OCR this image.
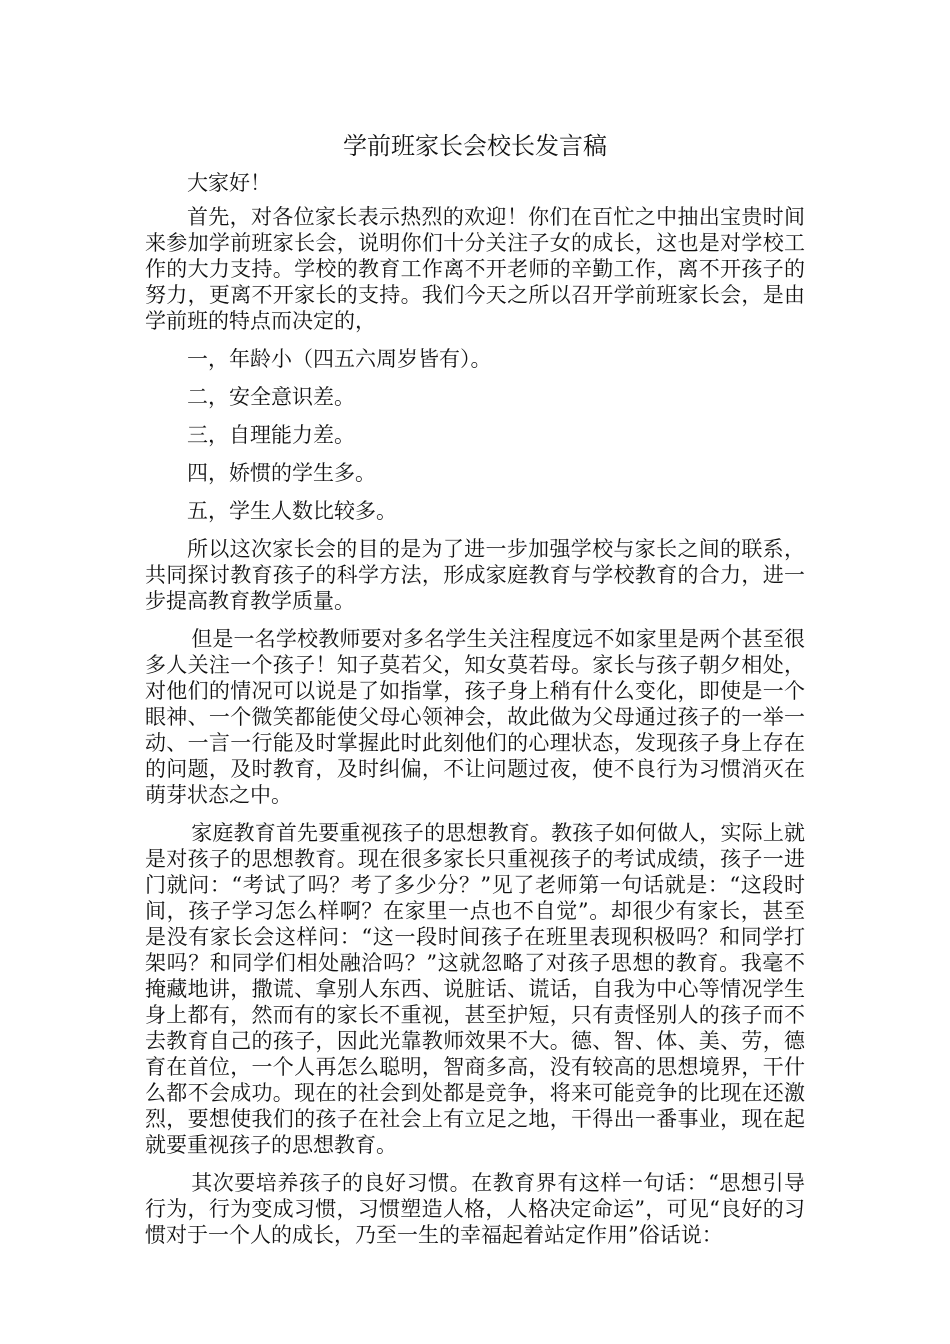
学前班家长会校长发言稿

大家好！

首先，对各位家长表示热烈的欢迎！你们在百忙之中抽出宝贵时间来参加学前班家长会，说明你们十分关注子女的成长，这也是对学校工作的大力支持。学校的教育工作离不开老师的辛勤工作，离不开孩子的努力，更离不开家长的支持。我们今天之所以召开学前班家长会，是由学前班的特点而决定的，

一，年龄小（四五六周岁皆有）。

二，安全意识差。

三，自理能力差。

四，娇惯的学生多。

五，学生人数比较多。

所以这次家长会的目的是为了进一步加强学校与家长之间的联系，共同探讨教育孩子的科学方法，形成家庭教育与学校教育的合力，进一步提高教育教学质量。

但是一名学校教师要对多名学生关注程度远不如家里是两个甚至很多人关注一个孩子！知子莫若父，知女莫若母。家长与孩子朝夕相处，对他们的情况可以说是了如指掌，孩子身上稍有什么变化，即使是一个眼神、一个微笑都能使父母心领神会，故此做为父母通过孩子的一举一动、一言一行能及时掌握此时此刻他们的心理状态，发现孩子身上存在的问题，及时教育，及时纠偏，不让问题过夜，使不良行为习惯消灭在萌芽状态之中。

家庭教育首先要重视孩子的思想教育。教孩子如何做人，实际上就是对孩子的思想教育。现在很多家长只重视孩子的考试成绩，孩子一进门就问：“考试了吗？考了多少分？”见了老师第一句话就是：“这段时间，孩子学习怎么样啊？在家里一点也不自觉”。却很少有家长，甚至是没有家长会这样问：“这一段时间孩子在班里表现积极吗？和同学打架吗？和同学们相处融洽吗？”这就忽略了对孩子思想的教育。我毫不掩藏地讲，撒谎、拿别人东西、说脏话、谎话，自我为中心等情况学生身上都有，然而有的家长不重视，甚至护短，只有责怪别人的孩子而不去教育自己的孩子，因此光靠教师效果不大。德、智、体、美、劳，德育在首位，一个人再怎么聪明，智商多高，没有较高的思想境界，干什么都不会成功。现在的社会到处都是竞争，将来可能竞争的比现在还激烈，要想使我们的孩子在社会上有立足之地，干得出一番事业，现在起就要重视孩子的思想教育。

其次要培养孩子的良好习惯。在教育界有这样一句话：“思想引导行为，行为变成习惯，习惯塑造人格，人格决定命运”，可见“良好的习惯对于一个人的成长，乃至一生的幸福起着站定作用”俗话说：
